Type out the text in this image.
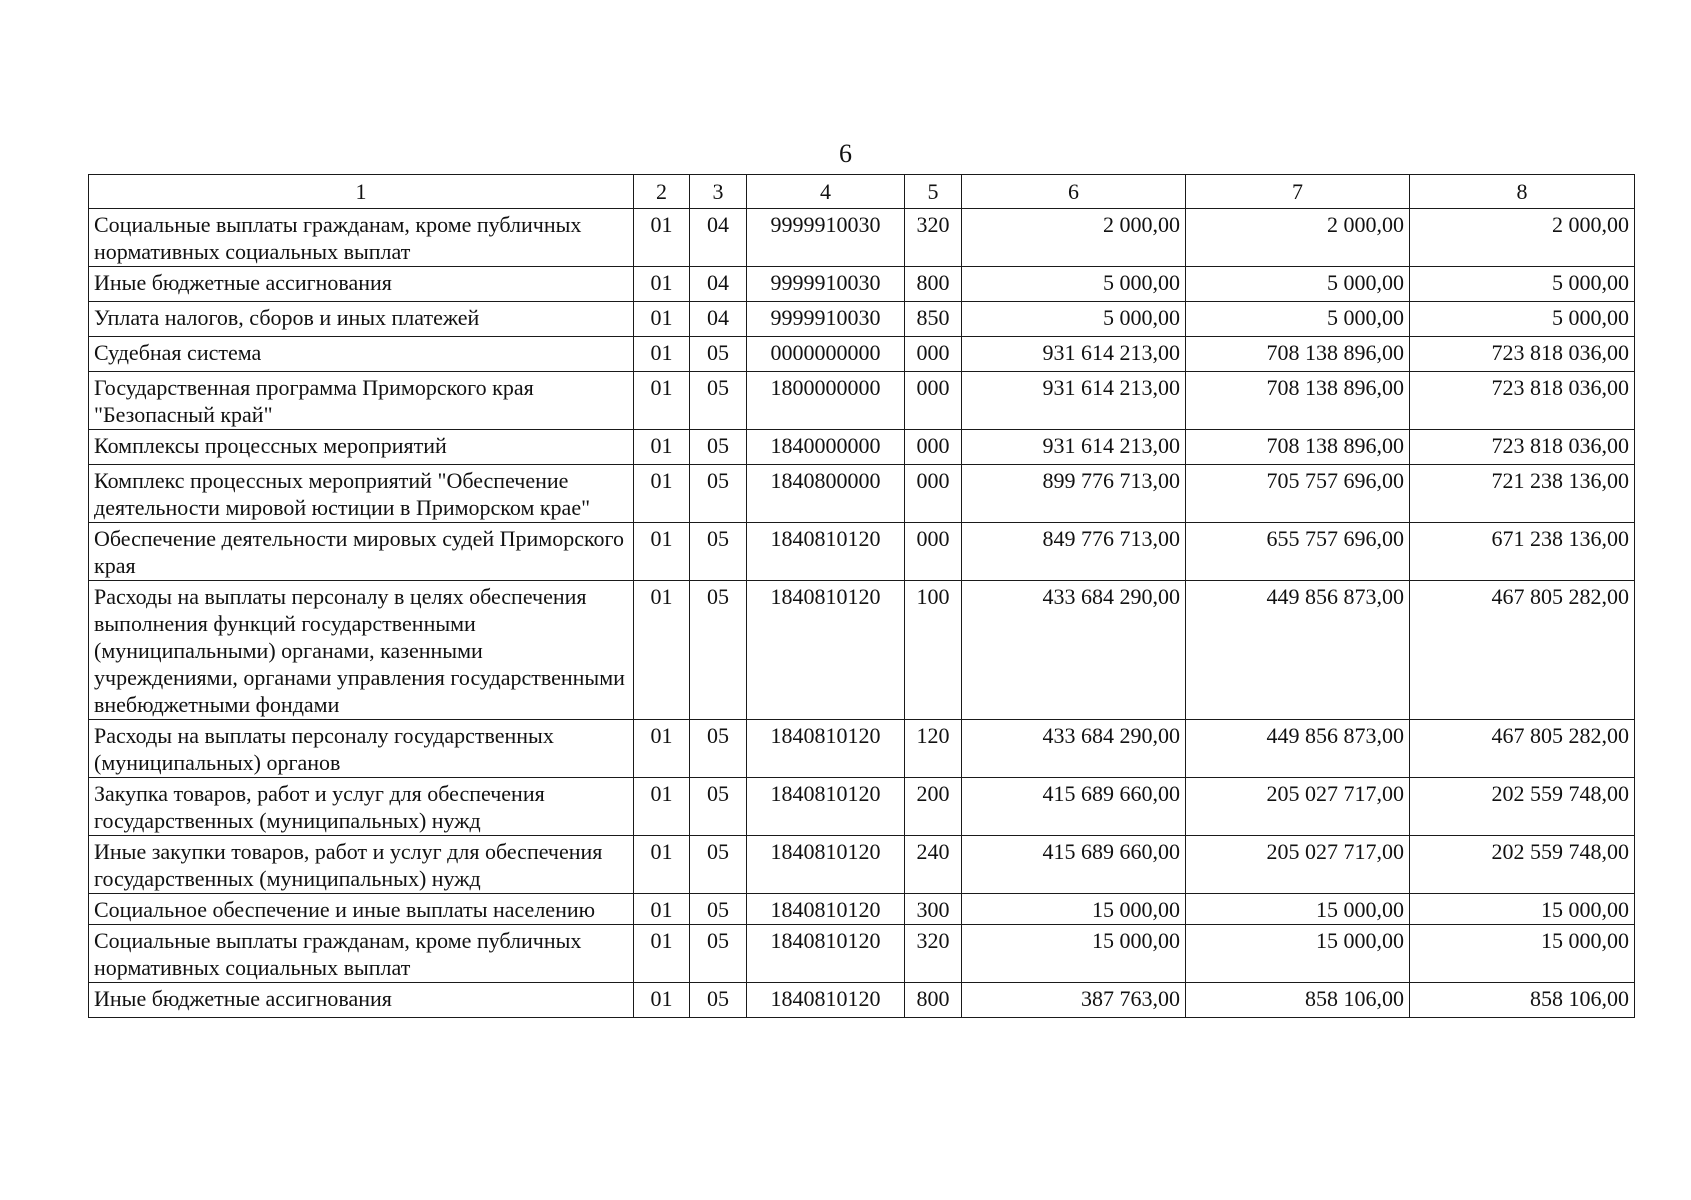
6
1	2	3	4	5	6	7	8
Социальные выплаты гражданам, кроме публичных нормативных социальных выплат	01	04	9999910030	320	2 000,00	2 000,00	2 000,00
Иные бюджетные ассигнования	01	04	9999910030	800	5 000,00	5 000,00	5 000,00
Уплата налогов, сборов и иных платежей	01	04	9999910030	850	5 000,00	5 000,00	5 000,00
Судебная система	01	05	0000000000	000	931 614 213,00	708 138 896,00	723 818 036,00
Государственная программа Приморского края "Безопасный край"	01	05	1800000000	000	931 614 213,00	708 138 896,00	723 818 036,00
Комплексы процессных мероприятий	01	05	1840000000	000	931 614 213,00	708 138 896,00	723 818 036,00
Комплекс процессных мероприятий "Обеспечение деятельности мировой юстиции в Приморском крае"	01	05	1840800000	000	899 776 713,00	705 757 696,00	721 238 136,00
Обеспечение деятельности мировых судей Приморского края	01	05	1840810120	000	849 776 713,00	655 757 696,00	671 238 136,00
Расходы на выплаты персоналу в целях обеспечения выполнения функций государственными (муниципальными) органами, казенными учреждениями, органами управления государственными внебюджетными фондами	01	05	1840810120	100	433 684 290,00	449 856 873,00	467 805 282,00
Расходы на выплаты персоналу государственных (муниципальных) органов	01	05	1840810120	120	433 684 290,00	449 856 873,00	467 805 282,00
Закупка товаров, работ и услуг для обеспечения государственных (муниципальных) нужд	01	05	1840810120	200	415 689 660,00	205 027 717,00	202 559 748,00
Иные закупки товаров, работ и услуг для обеспечения государственных (муниципальных) нужд	01	05	1840810120	240	415 689 660,00	205 027 717,00	202 559 748,00
Социальное обеспечение и иные выплаты населению	01	05	1840810120	300	15 000,00	15 000,00	15 000,00
Социальные выплаты гражданам, кроме публичных нормативных социальных выплат	01	05	1840810120	320	15 000,00	15 000,00	15 000,00
Иные бюджетные ассигнования	01	05	1840810120	800	387 763,00	858 106,00	858 106,00
